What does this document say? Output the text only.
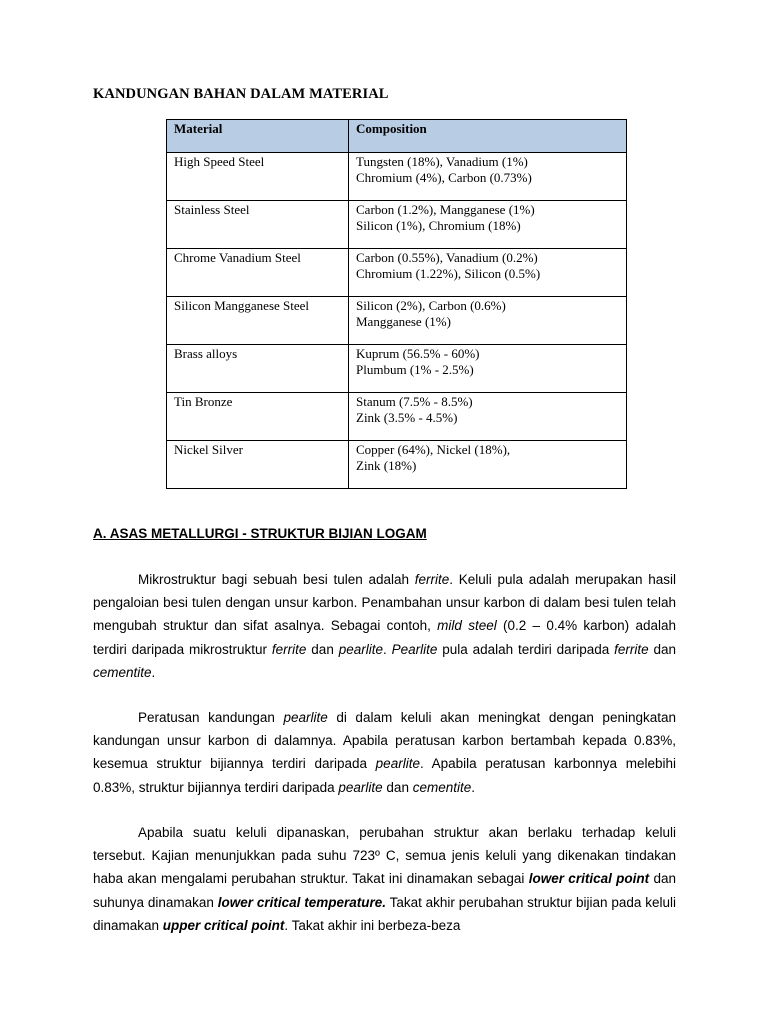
KANDUNGAN BAHAN DALAM MATERIAL
Material	Composition
High Speed Steel	Tungsten (18%), Vanadium (1%)
Chromium (4%), Carbon (0.73%)

Stainless Steel	Carbon (1.2%), Mangganese (1%)
Silicon (1%), Chromium (18%)

Chrome Vanadium Steel	Carbon (0.55%), Vanadium (0.2%)
Chromium (1.22%), Silicon (0.5%)

Silicon Mangganese Steel	Silicon (2%), Carbon (0.6%)
Mangganese (1%)

Brass alloys	Kuprum (56.5% - 60%)
Plumbum (1% - 2.5%)

Tin Bronze	Stanum (7.5% - 8.5%)
Zink (3.5% - 4.5%)

Nickel Silver	Copper (64%), Nickel (18%),
Zink (18%)
A. ASAS METALLURGI - STRUKTUR BIJIAN LOGAM

Mikrostruktur bagi sebuah besi tulen adalah ferrite. Keluli pula adalah merupakan hasil pengaloian besi tulen dengan unsur karbon. Penambahan unsur karbon di dalam besi tulen telah mengubah struktur dan sifat asalnya. Sebagai contoh, mild steel (0.2 – 0.4% karbon) adalah terdiri daripada mikrostruktur ferrite dan pearlite. Pearlite pula adalah terdiri daripada ferrite dan cementite.

Peratusan kandungan pearlite di dalam keluli akan meningkat dengan peningkatan kandungan unsur karbon di dalamnya. Apabila peratusan karbon bertambah kepada 0.83%, kesemua struktur bijiannya terdiri daripada pearlite. Apabila peratusan karbonnya melebihi 0.83%, struktur bijiannya terdiri daripada pearlite dan cementite.

Apabila suatu keluli dipanaskan, perubahan struktur akan berlaku terhadap keluli tersebut. Kajian menunjukkan pada suhu 723º C, semua jenis keluli yang dikenakan tindakan haba akan mengalami perubahan struktur. Takat ini dinamakan sebagai lower critical point dan suhunya dinamakan lower critical temperature. Takat akhir perubahan struktur bijian pada keluli dinamakan upper critical point. Takat akhir ini berbeza-beza
